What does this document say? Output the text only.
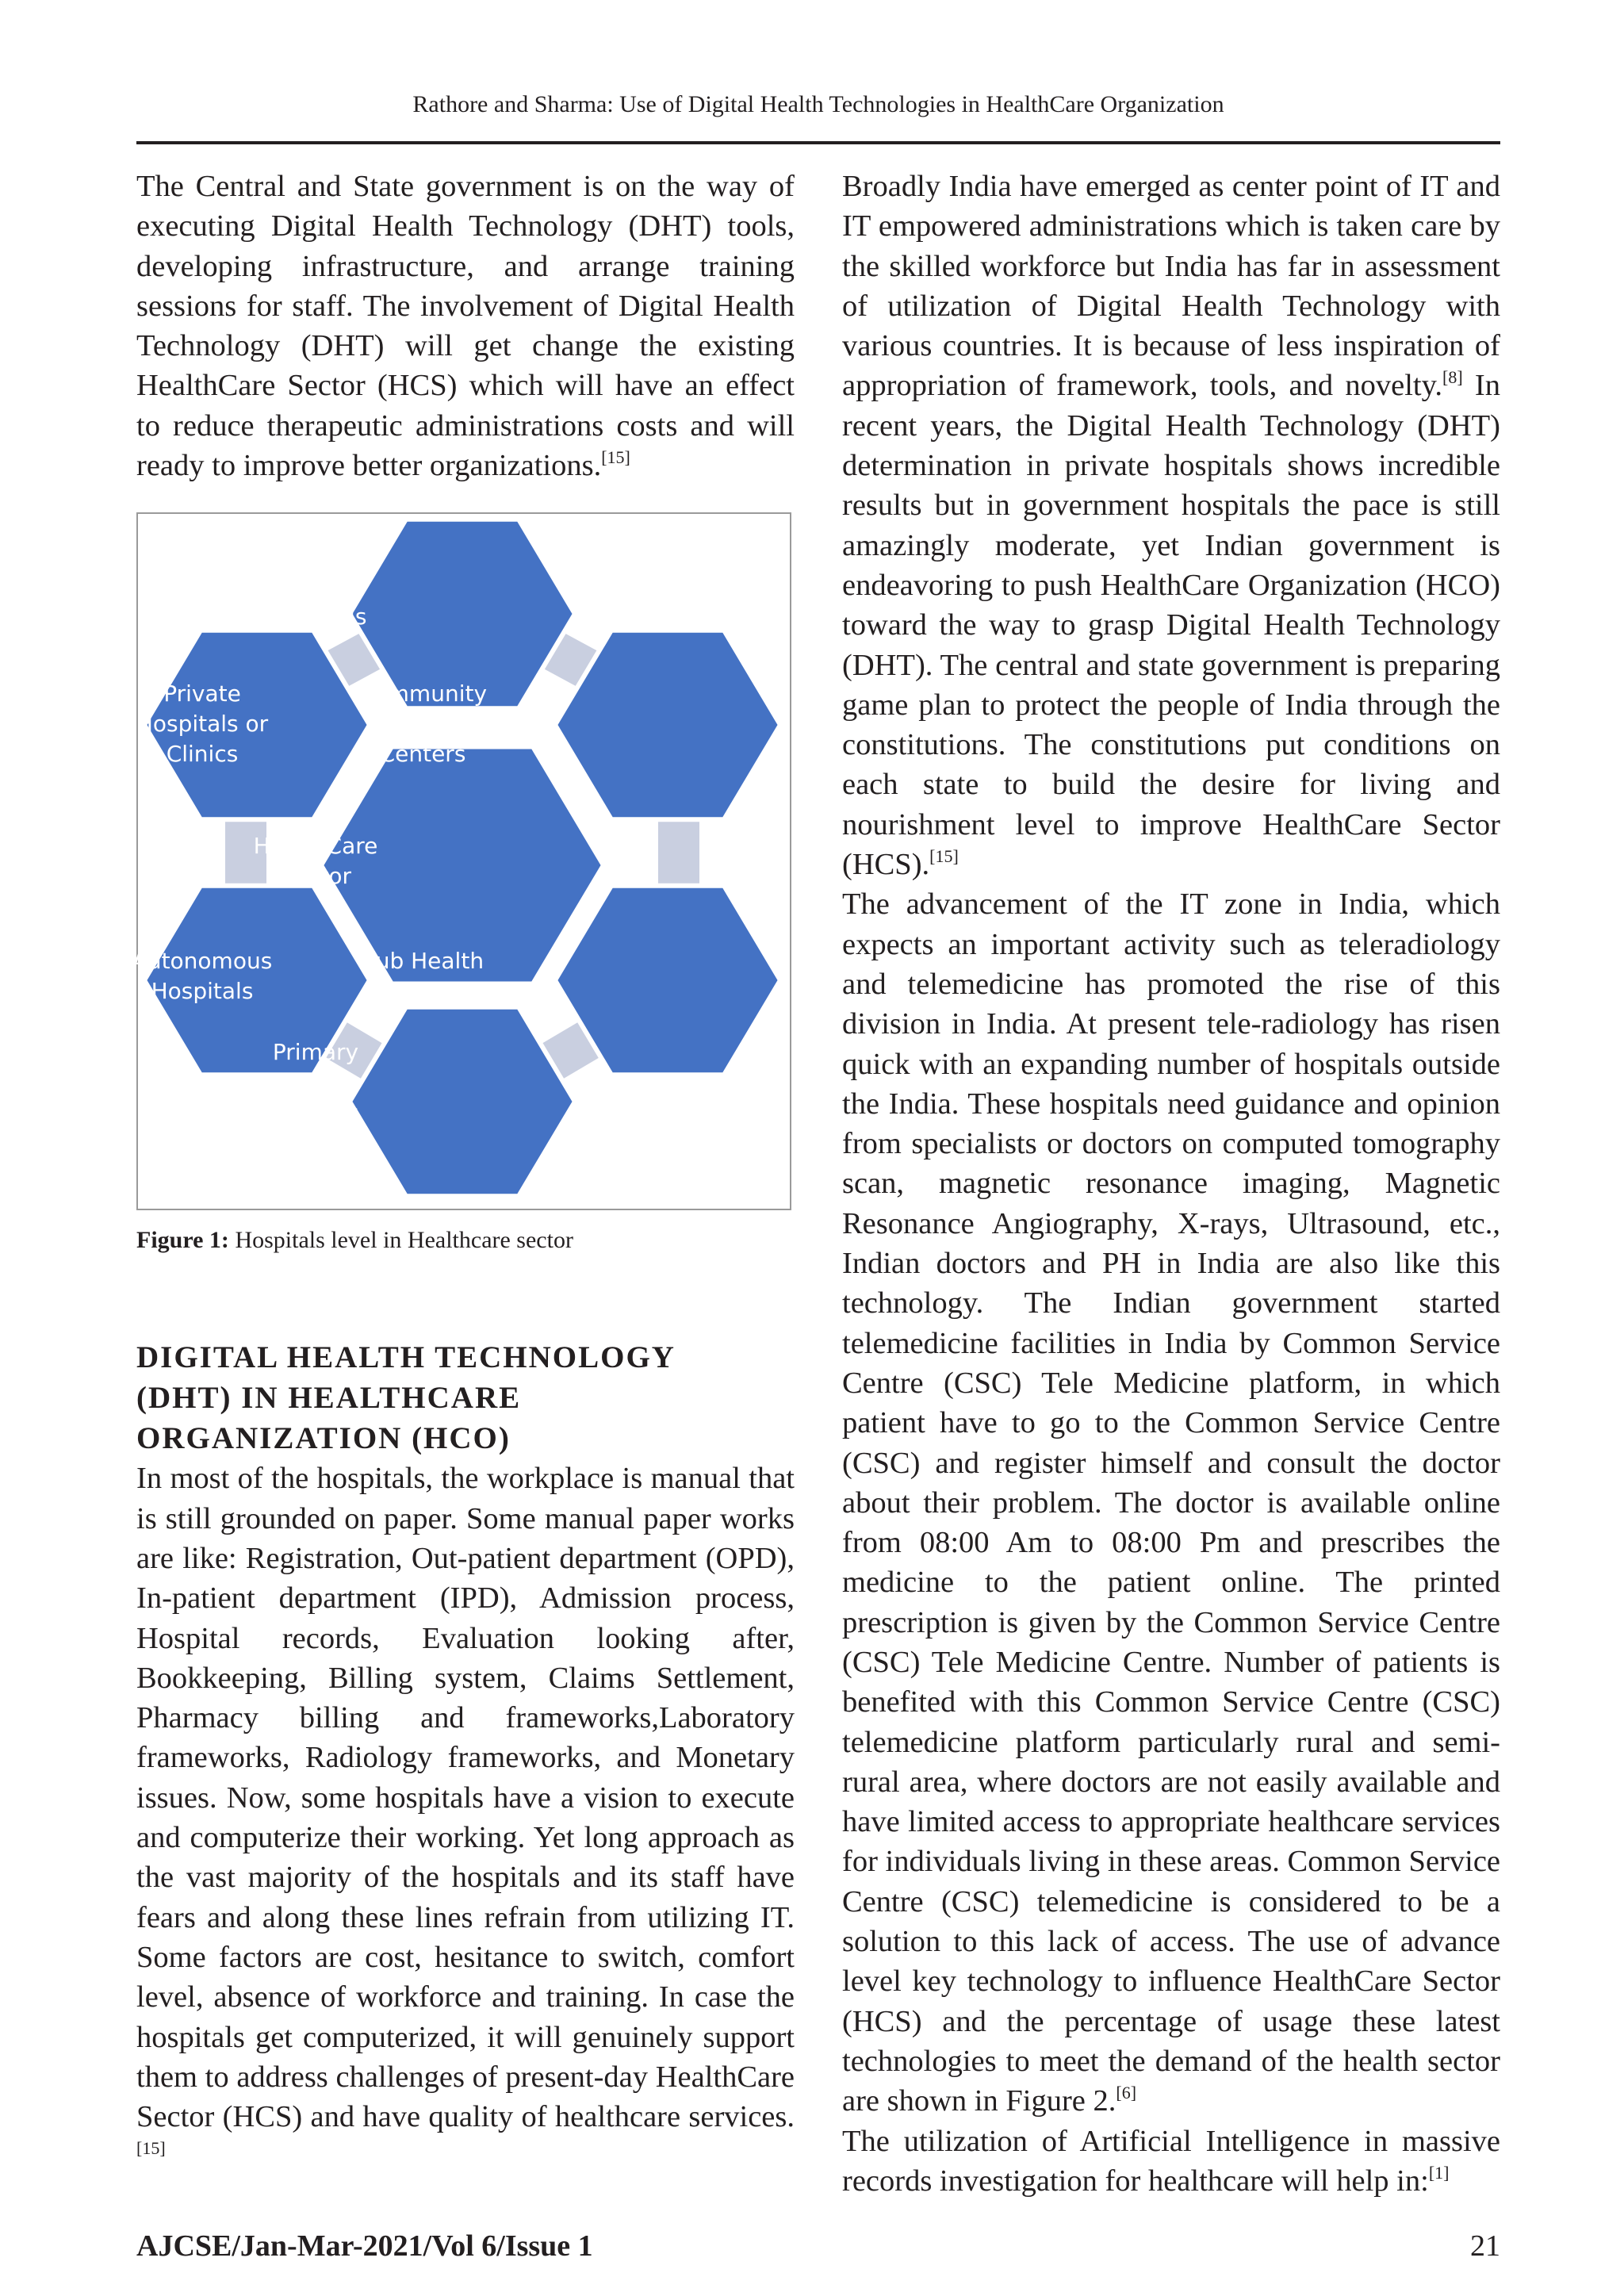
Rathore and Sharma: Use of Digital Health Technologies in HealthCare Organization

The Central and State government is on the way of executing Digital Health Technology (DHT) tools, developing infrastructure, and arrange training sessions for staff. The involvement of Digital Health Technology (DHT) will get change the existing HealthCare Sector (HCS) which will have an effect to reduce therapeutic administrations costs and will ready to improve better organizations.[15]

District
Hospitals
Private
Hospitals or
Clinics
Community
Health
Centers
HealthCare
Sector
Autonomous
Hospitals
Sub Health
Centers
Primary
Health
Centers
Figure 1: Hospitals level in Healthcare sector
DIGITAL HEALTH TECHNOLOGY
(DHT) IN HEALTHCARE
ORGANIZATION (HCO)

In most of the hospitals, the workplace is manual that is still grounded on paper. Some manual paper works are like: Registration, Out-patient department (OPD), In-patient department (IPD), Admission process, Hospital records, Evaluation looking after, Bookkeeping, Billing system, Claims Settlement, Pharmacy billing and frameworks,Laboratory frameworks, Radiology frameworks, and Monetary issues. Now, some hospitals have a vision to execute and computerize their working. Yet long approach as the vast majority of the hospitals and its staff have fears and along these lines refrain from utilizing IT. Some factors are cost, hesitance to switch, comfort level, absence of workforce and training. In case the hospitals get computerized, it will genuinely support them to address challenges of present-day HealthCare Sector (HCS) and have quality of healthcare services.[15]

Broadly India have emerged as center point of IT and IT empowered administrations which is taken care by the skilled workforce but India has far in assessment of utilization of Digital Health Technology with various countries. It is because of less inspiration of appropriation of framework, tools, and novelty.[8] In recent years, the Digital Health Technology (DHT) determination in private hospitals shows incredible results but in government hospitals the pace is still amazingly moderate, yet Indian government is endeavoring to push HealthCare Organization (HCO) toward the way to grasp Digital Health Technology (DHT). The central and state government is preparing game plan to protect the people of India through the constitutions. The constitutions put conditions on each state to build the desire for living and nourishment level to improve HealthCare Sector (HCS).[15]

The advancement of the IT zone in India, which expects an important activity such as teleradiology and telemedicine has promoted the rise of this division in India. At present tele-radiology has risen quick with an expanding number of hospitals outside the India. These hospitals need guidance and opinion from specialists or doctors on computed tomography scan, magnetic resonance imaging, Magnetic Resonance Angiography, X-rays, Ultrasound, etc., Indian doctors and PH in India are also like this technology. The Indian government started telemedicine facilities in India by Common Service Centre (CSC) Tele Medicine platform, in which patient have to go to the Common Service Centre (CSC) and register himself and consult the doctor about their problem. The doctor is available online from 08:00 Am to 08:00 Pm and prescribes the medicine to the patient online. The printed prescription is given by the Common Service Centre (CSC) Tele Medicine Centre. Number of patients is benefited with this Common Service Centre (CSC) telemedicine platform particularly rural and semi-rural area, where doctors are not easily available and have limited access to appropriate healthcare services for individuals living in these areas. Common Service Centre (CSC) telemedicine is considered to be a solution to this lack of access. The use of advance level key technology to influence HealthCare Sector (HCS) and the percentage of usage these latest technologies to meet the demand of the health sector are shown in Figure 2.[6]

The utilization of Artificial Intelligence in massive records investigation for healthcare will help in:[1]

AJCSE/Jan-Mar-2021/Vol 6/Issue 1	21
